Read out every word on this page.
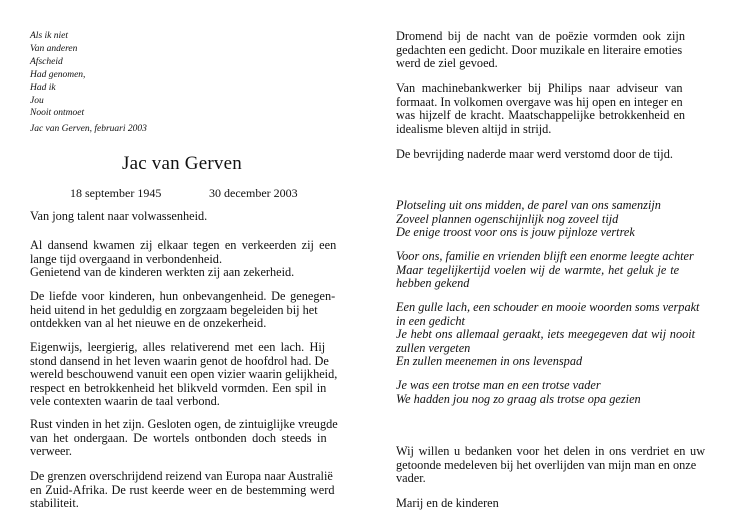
Als ik niet
Van anderen
Afscheid
Had genomen,
Had ik
Jou
Nooit ontmoet
Jac van Gerven, februari 2003
Jac van Gerven
18 september 1945	30 december 2003
Van jong talent naar volwassenheid.
Al dansend kwamen zij elkaar tegen en verkeerden zij een
lange tijd overgaand in verbondenheid.
Genietend van de kinderen werkten zij aan zekerheid.
De liefde voor kinderen, hun onbevangenheid. De genegen-
heid uitend in het geduldig en zorgzaam begeleiden bij het
ontdekken van al het nieuwe en de onzekerheid.
Eigenwijs, leergierig, alles relativerend met een lach. Hij
stond dansend in het leven waarin genot de hoofdrol had. De
wereld beschouwend vanuit een open vizier waarin gelijkheid,
respect en betrokkenheid het blikveld vormden. Een spil in
vele contexten waarin de taal verbond.
Rust vinden in het zijn. Gesloten ogen, de zintuiglijke vreugde
van het ondergaan. De wortels ontbonden doch steeds in
verweer.
De grenzen overschrijdend reizend van Europa naar Australië
en Zuid-Afrika. De rust keerde weer en de bestemming werd
stabiliteit.
Dromend bij de nacht van de poëzie vormden ook zijn
gedachten een gedicht. Door muzikale en literaire emoties
werd de ziel gevoed.
Van machinebankwerker bij Philips naar adviseur van
formaat. In volkomen overgave was hij open en integer en
was hijzelf de kracht. Maatschappelijke betrokkenheid en
idealisme bleven altijd in strijd.
De bevrijding naderde maar werd verstomd door de tijd.
Plotseling uit ons midden, de parel van ons samenzijn
Zoveel plannen ogenschijnlijk nog zoveel tijd
De enige troost voor ons is jouw pijnloze vertrek
Voor ons, familie en vrienden blijft een enorme leegte achter
Maar tegelijkertijd voelen wij de warmte, het geluk je te
hebben gekend
Een gulle lach, een schouder en mooie woorden soms verpakt
in een gedicht
Je hebt ons allemaal geraakt, iets meegegeven dat wij nooit
zullen vergeten
En zullen meenemen in ons levenspad
Je was een trotse man en een trotse vader
We hadden jou nog zo graag als trotse opa gezien
Wij willen u bedanken voor het delen in ons verdriet en uw
getoonde medeleven bij het overlijden van mijn man en onze
vader.
Marij en de kinderen
